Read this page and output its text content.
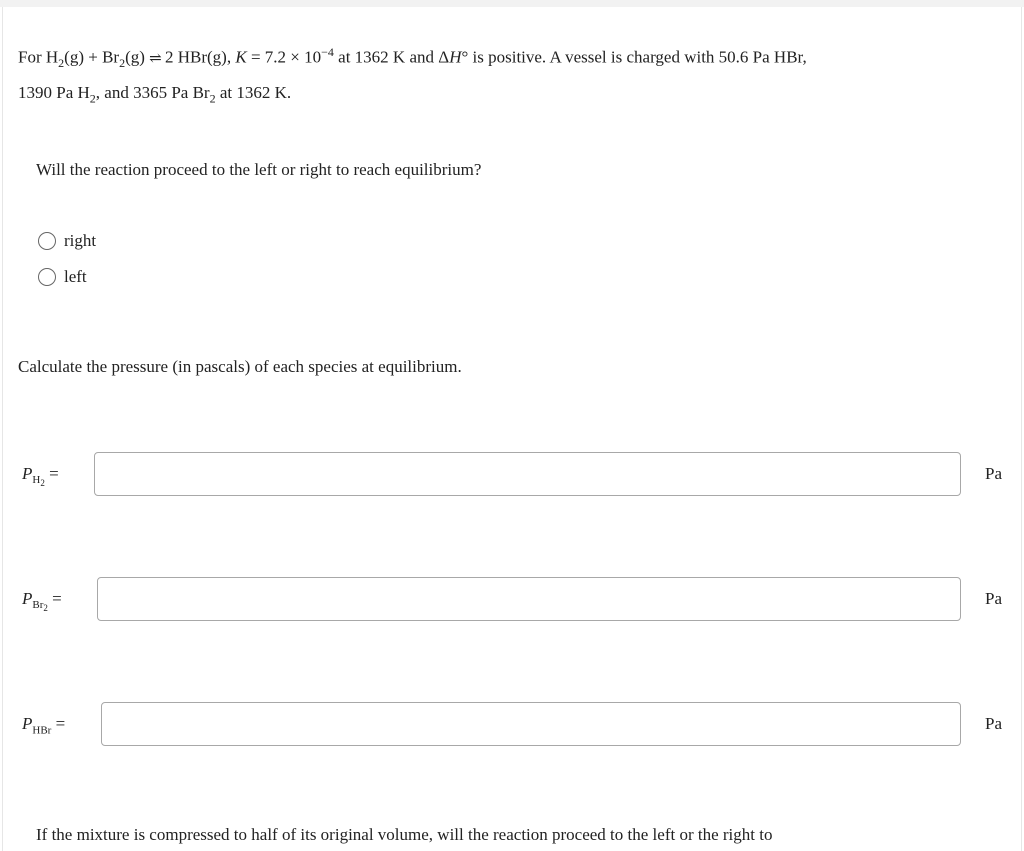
For $H_2(g) + Br_2(g)$ ⇌ 2 HBr(g), $K = 7.2 \times 10^{-4}$ at 1362 K and ΔH° is positive. A vessel is charged with 50.6 Pa HBr,
1390 Pa $H_2$, and 3365 Pa $Br_2$ at 1362 K.
Will the reaction proceed to the left or right to reach equilibrium?
right
left
Calculate the pressure (in pascals) of each species at equilibrium.
$P_{H_2}$ =	Pa
$P_{Br_2}$ =	Pa
$P_{HBr}$ =	Pa
If the mixture is compressed to half of its original volume, will the reaction proceed to the left or the right to
